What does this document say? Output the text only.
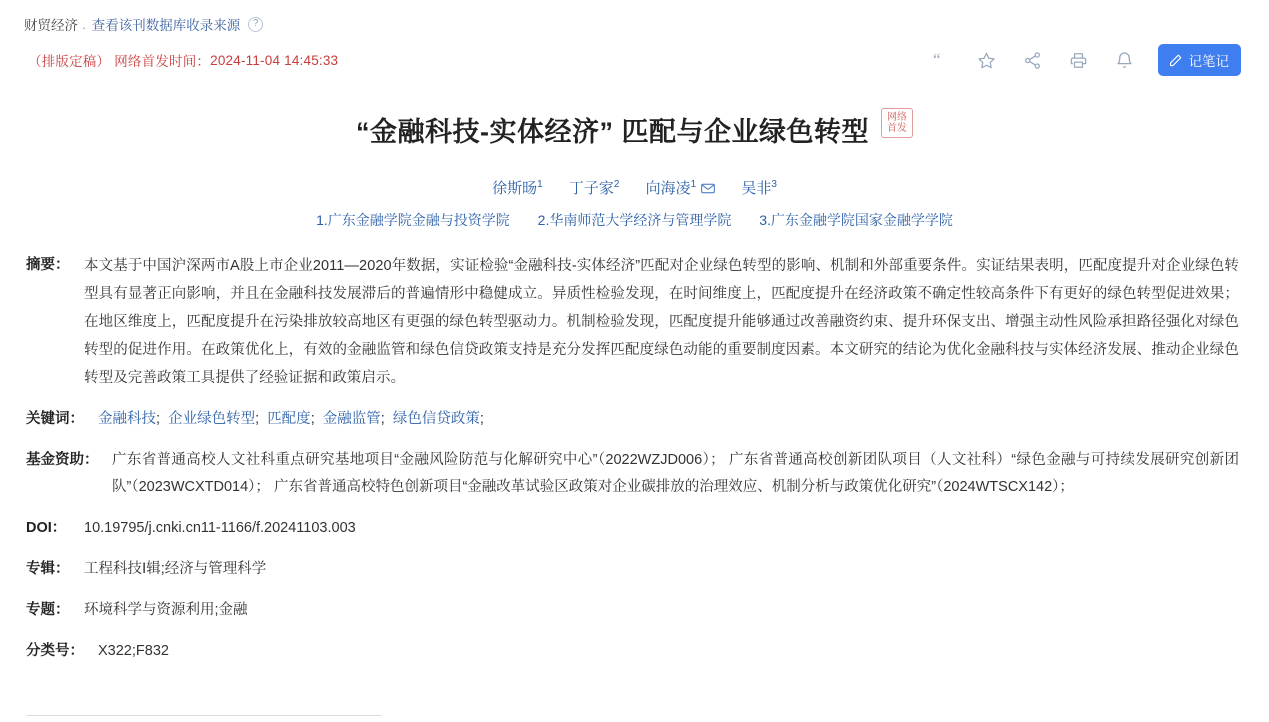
财贸经济 . 查看该刊数据库收录来源	?
（排版定稿） 网络首发时间： 2024-11-04 14:45:33	“	记笔记
“金融科技-实体经济” 匹配与企业绿色转型 网络首发
徐斯旸$^1$ 丁子家$^2$ 向海凌$^1$	吴非$^3$
1.广东金融学院金融与投资学院 2.华南师范大学经济与管理学院 3.广东金融学院国家金融学学院
摘要：	本文基于中国沪深两市A股上市企业2011—2020年数据，实证检验“金融科技-实体经济”匹配对企业绿色转型的影响、机制和外部重要条件。实证结果表明，匹配度提升对企业绿色转型具有显著正向影响，并且在金融科技发展滞后的普遍情形中稳健成立。异质性检验发现，在时间维度上，匹配度提升在经济政策不确定性较高条件下有更好的绿色转型促进效果；在地区维度上，匹配度提升在污染排放较高地区有更强的绿色转型驱动力。机制检验发现，匹配度提升能够通过改善融资约束、提升环保支出、增强主动性风险承担路径强化对绿色转型的促进作用。在政策优化上，有效的金融监管和绿色信贷政策支持是充分发挥匹配度绿色动能的重要制度因素。本文研究的结论为优化金融科技与实体经济发展、推动企业绿色转型及完善政策工具提供了经验证据和政策启示。
关键词： 金融科技;  企业绿色转型;  匹配度;  金融监管;  绿色信贷政策;
基金资助： 广东省普通高校人文社科重点研究基地项目“金融风险防范与化解研究中心”（2022WZJD006）； 广东省普通高校创新团队项目（人文社科）“绿色金融与可持续发展研究创新团队”（2023WCXTD014）； 广东省普通高校特色创新项目“金融改革试验区政策对企业碳排放的治理效应、机制分析与政策优化研究”（2024WTSCX142）；
DOI：	10.19795/j.cnki.cn11-1166/f.20241103.003
专辑：	工程科技Ⅰ辑;经济与管理科学
专题：	环境科学与资源利用;金融
分类号： X322;F832
